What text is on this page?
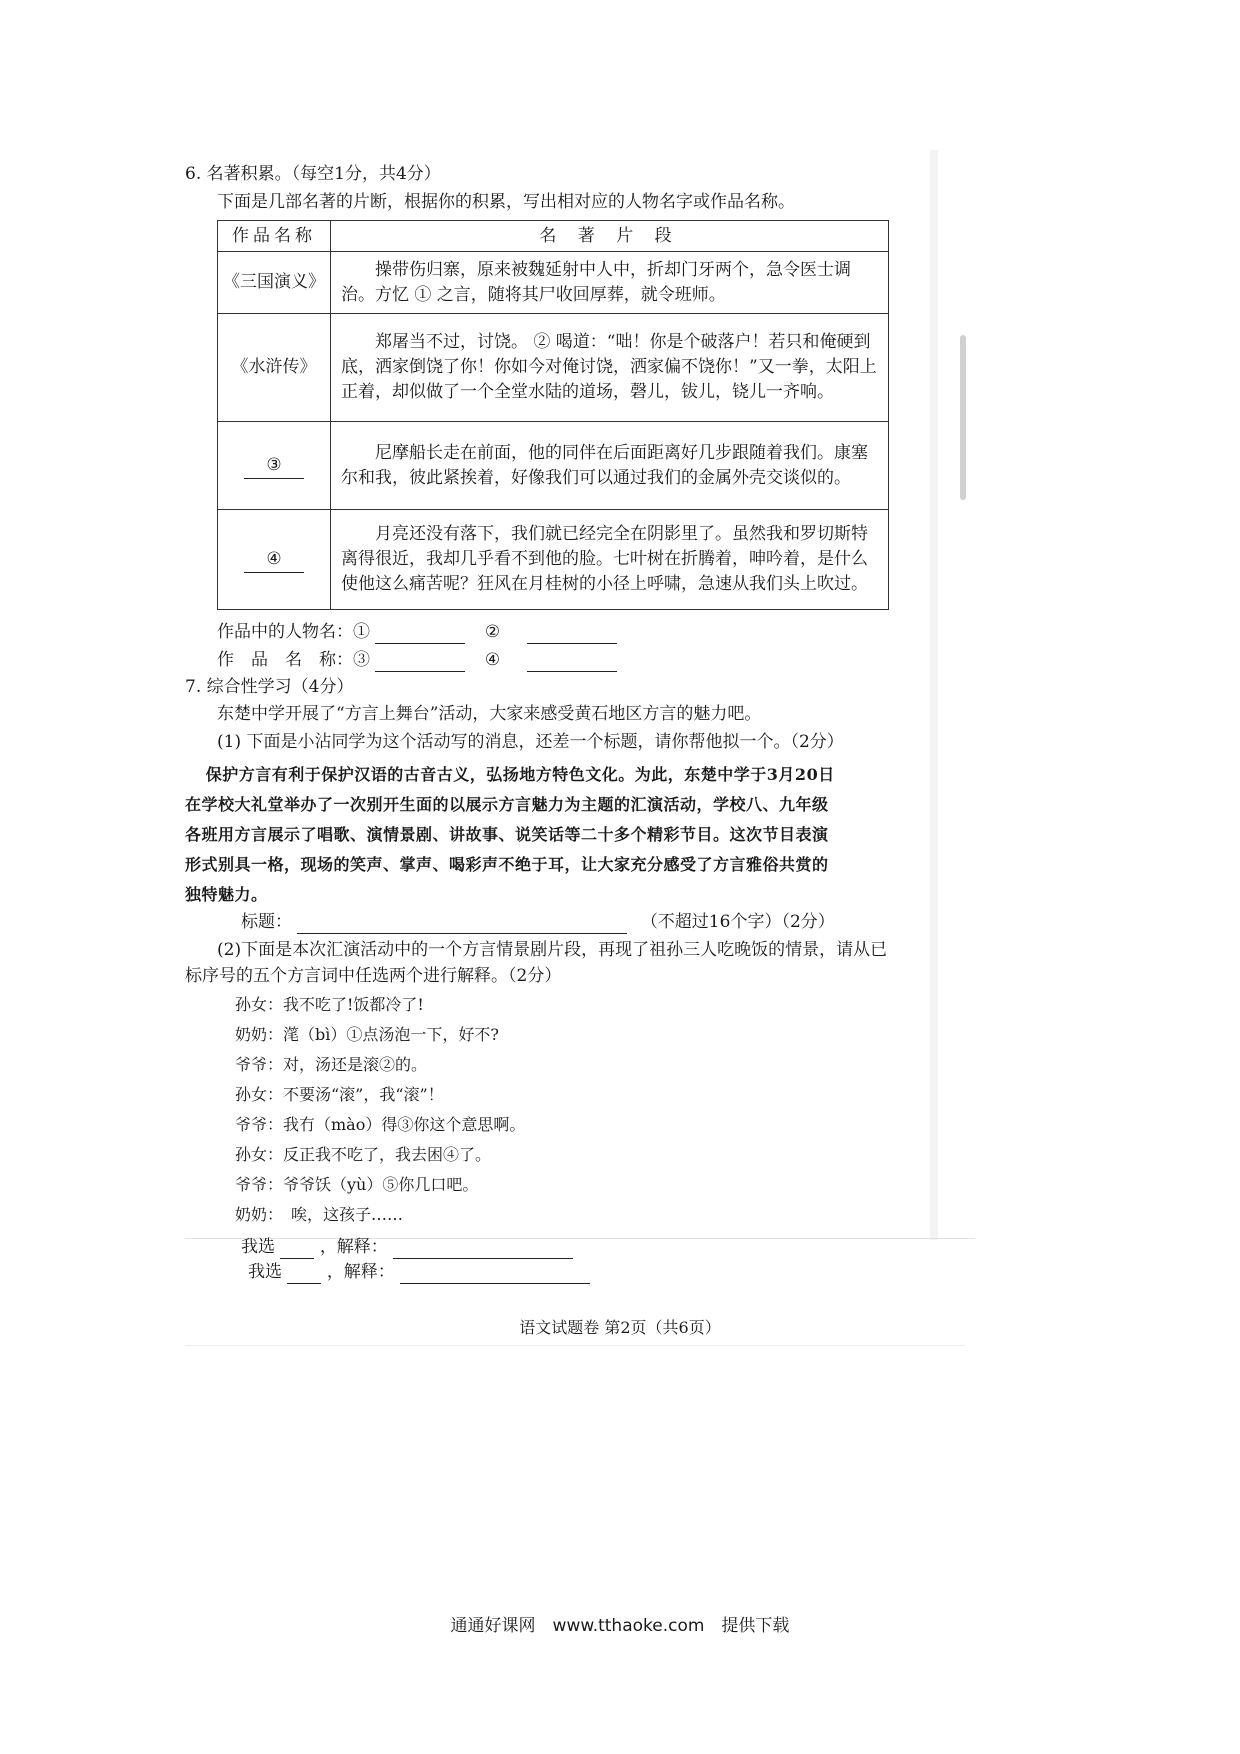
6. 名著积累。（每空1分，共4分）
下面是几部名著的片断，根据你的积累，写出相对应的人物名字或作品名称。
作品名称	名 著 片 段
《三国演义》	操带伤归寨，原来被魏延射中人中，折却门牙两个，急令医士调治。方忆 ① 之言，随将其尸收回厚葬，就令班师。
《水浒传》	郑屠当不过，讨饶。 ② 喝道：“咄！你是个破落户！若只和俺硬到底，洒家倒饶了你！你如今对俺讨饶，洒家偏不饶你！”又一拳，太阳上正着，却似做了一个全堂水陆的道场，磬儿，钹儿，铙儿一齐响。
③	尼摩船长走在前面，他的同伴在后面距离好几步跟随着我们。康塞尔和我，彼此紧挨着，好像我们可以通过我们的金属外壳交谈似的。
④	月亮还没有落下，我们就已经完全在阴影里了。虽然我和罗切斯特离得很近，我却几乎看不到他的脸。七叶树在折腾着，呻吟着，是什么使他这么痛苦呢？狂风在月桂树的小径上呼啸，急速从我们头上吹过。
作品中的人物名：①	②
作　品　名　称：③	④
7. 综合性学习（4分）
东楚中学开展了“方言上舞台”活动，大家来感受黄石地区方言的魅力吧。
(1) 下面是小沾同学为这个活动写的消息，还差一个标题，请你帮他拟一个。（2分）
保护方言有利于保护汉语的古音古义，弘扬地方特色文化。为此，东楚中学于3月20日
在学校大礼堂举办了一次别开生面的以展示方言魅力为主题的汇演活动，学校八、九年级
各班用方言展示了唱歌、演情景剧、讲故事、说笑话等二十多个精彩节目。这次节目表演
形式别具一格，现场的笑声、掌声、喝彩声不绝于耳，让大家充分感受了方言雅俗共赏的
独特魅力。
标题：	（不超过16个字）（2分）
(2)下面是本次汇演活动中的一个方言情景剧片段，再现了祖孙三人吃晚饭的情景，请从已
标序号的五个方言词中任选两个进行解释。（2分）
孙女：我不吃了!饭都冷了!
奶奶：滗（bì）①点汤泡一下，好不?
爷爷：对，汤还是滚②的。
孙女：不要汤“滚”，我“滚”！
爷爷：我冇（mào）得③你这个意思啊。
孙女：反正我不吃了，我去困④了。
爷爷：爷爷饫（yù）⑤你几口吧。
奶奶：　唉，这孩子……
我选	，解释：
我选	，解释：
语文试题卷 第2页（共6页）
通通好课网　www.tthaoke.com　提供下载
